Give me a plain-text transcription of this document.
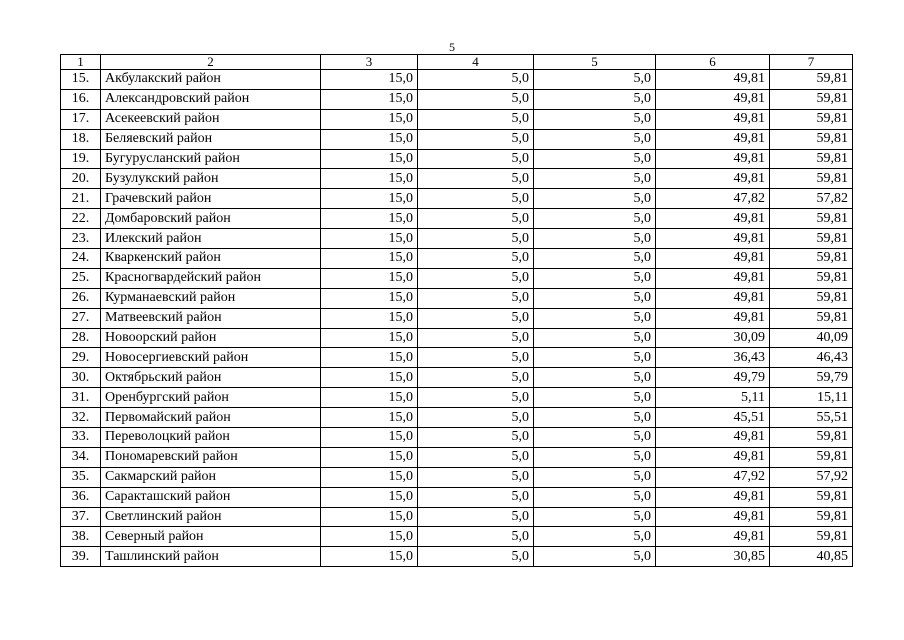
5
1	2	3	4	5	6	7
15.	Акбулакский район	15,0	5,0	5,0	49,81	59,81
16.	Александровский район	15,0	5,0	5,0	49,81	59,81
17.	Асекеевский район	15,0	5,0	5,0	49,81	59,81
18.	Беляевский район	15,0	5,0	5,0	49,81	59,81
19.	Бугурусланский район	15,0	5,0	5,0	49,81	59,81
20.	Бузулукский район	15,0	5,0	5,0	49,81	59,81
21.	Грачевский район	15,0	5,0	5,0	47,82	57,82
22.	Домбаровский район	15,0	5,0	5,0	49,81	59,81
23.	Илекский район	15,0	5,0	5,0	49,81	59,81
24.	Кваркенский район	15,0	5,0	5,0	49,81	59,81
25.	Красногвардейский район	15,0	5,0	5,0	49,81	59,81
26.	Курманаевский район	15,0	5,0	5,0	49,81	59,81
27.	Матвеевский район	15,0	5,0	5,0	49,81	59,81
28.	Новоорский район	15,0	5,0	5,0	30,09	40,09
29.	Новосергиевский район	15,0	5,0	5,0	36,43	46,43
30.	Октябрьский район	15,0	5,0	5,0	49,79	59,79
31.	Оренбургский район	15,0	5,0	5,0	5,11	15,11
32.	Первомайский район	15,0	5,0	5,0	45,51	55,51
33.	Переволоцкий район	15,0	5,0	5,0	49,81	59,81
34.	Пономаревский район	15,0	5,0	5,0	49,81	59,81
35.	Сакмарский район	15,0	5,0	5,0	47,92	57,92
36.	Саракташский район	15,0	5,0	5,0	49,81	59,81
37.	Светлинский район	15,0	5,0	5,0	49,81	59,81
38.	Северный район	15,0	5,0	5,0	49,81	59,81
39.	Ташлинский район	15,0	5,0	5,0	30,85	40,85
